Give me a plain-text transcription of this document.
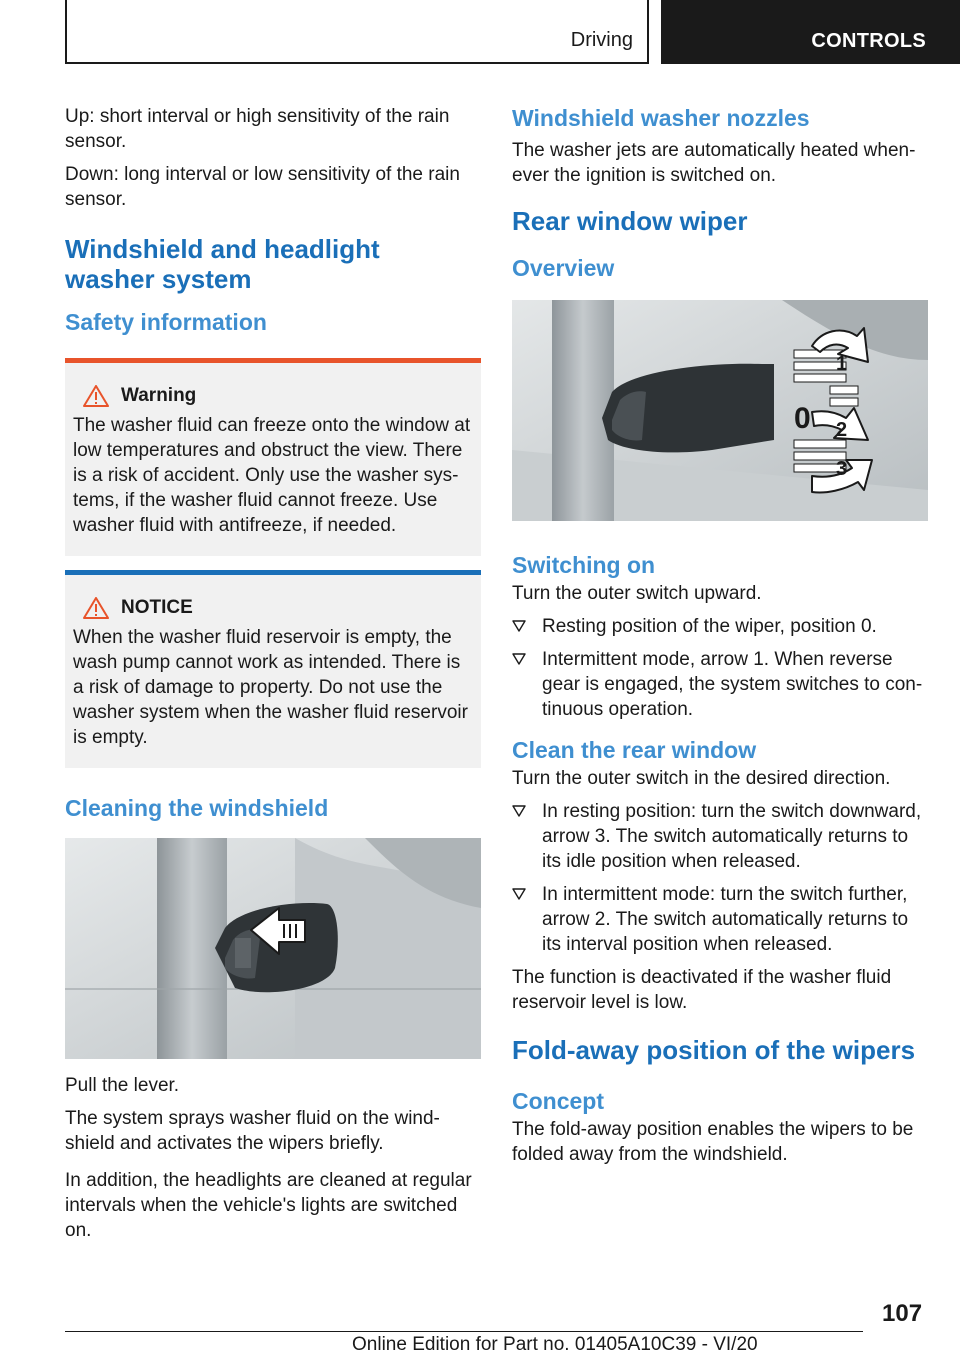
Driving	CONTROLS

Up: short interval or high sensitivity of the rain sensor.

Down: long interval or low sensitivity of the rain sensor.

Windshield and headlight washer system
Safety information
Warning

The washer fluid can freeze onto the window at low temperatures and obstruct the view. There is a risk of accident. Only use the washer sys‐tems, if the washer fluid cannot freeze. Use washer fluid with antifreeze, if needed.

NOTICE

When the washer fluid reservoir is empty, the wash pump cannot work as intended. There is a risk of damage to property. Do not use the washer system when the washer fluid reservoir is empty.

Cleaning the windshield

Pull the lever.

The system sprays washer fluid on the wind‐shield and activates the wipers briefly.

In addition, the headlights are cleaned at regular intervals when the vehicle's lights are switched on.

Windshield washer nozzles

The washer jets are automatically heated when‐ever the ignition is switched on.

Rear window wiper
Overview
0
1
2
3
Switching on

Turn the outer switch upward.

Resting position of the wiper, position 0.
Intermittent mode, arrow 1. When reverse gear is engaged, the system switches to con‐tinuous operation.
Clean the rear window

Turn the outer switch in the desired direction.

In resting position: turn the switch downward, arrow 3. The switch automatically returns to its idle position when released.
In intermittent mode: turn the switch further, arrow 2. The switch automatically returns to its interval position when released.

The function is deactivated if the washer fluid reservoir level is low.

Fold-away position of the wipers
Concept

The fold-away position enables the wipers to be folded away from the windshield.

107
Online Edition for Part no. 01405A10C39 - VI/20
